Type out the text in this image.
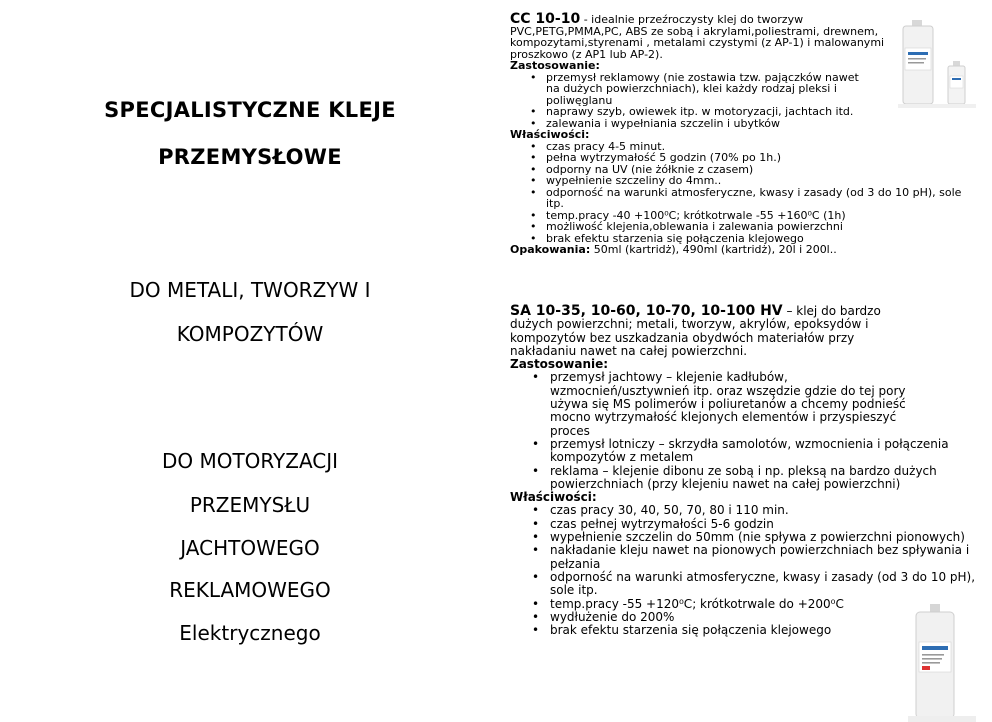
SPECJALISTYCZNE KLEJE
PRZEMYSŁOWE
DO METALI, TWORZYW I
KOMPOZYTÓW
DO MOTORYZACJI
PRZEMYSŁU
JACHTOWEGO
REKLAMOWEGO
Elektrycznego
CC 10-10 - idealnie przeźroczysty klej do tworzyw PVC,PETG,PMMA,PC, ABS ze sobą i akrylami,poliestrami, drewnem, kompozytami,styrenami , metalami czystymi (z AP-1) i malowanymi proszkowo (z AP1 lub AP-2).
Zastosowanie:
• przemysł reklamowy (nie zostawia tzw. pajączków nawet na dużych powierzchniach), klei każdy rodzaj pleksi i poliwęglanu
• naprawy szyb, owiewek itp. w motoryzacji, jachtach itd.
• zalewania i wypełniania szczelin i ubytków
Właściwości:
• czas pracy 4-5 minut.
• pełna wytrzymałość 5 godzin (70% po 1h.)
• odporny na UV (nie żółknie z czasem)
• wypełnienie szczeliny do 4mm..
• odporność na warunki atmosferyczne, kwasy i zasady (od 3 do 10 pH), sole itp.
• temp.pracy -40 +100⁰C; krótkotrwale -55 +160⁰C (1h)
• możliwość klejenia,oblewania i zalewania powierzchni
• brak efektu starzenia się połączenia klejowego
Opakowania: 50ml (kartridż), 490ml (kartridż), 20l i 200l..
SA 10-35, 10-60, 10-70, 10-100 HV – klej do bardzo dużych powierzchni; metali, tworzyw, akrylów, epoksydów i kompozytów bez uszkadzania obydwóch materiałów przy nakładaniu nawet na całej powierzchni.
Zastosowanie:
• przemysł jachtowy – klejenie kadłubów, wzmocnień/usztywnień itp. oraz wszędzie gdzie do tej pory używa się MS polimerów i poliuretanów a chcemy podnieść mocno wytrzymałość klejonych elementów i przyspieszyć proces
• przemysł lotniczy – skrzydła samolotów, wzmocnienia i połączenia kompozytów z metalem
• reklama – klejenie dibonu ze sobą i np. pleksą na bardzo dużych powierzchniach (przy klejeniu nawet na całej powierzchni)
Właściwości:
• czas pracy 30, 40, 50, 70, 80 i 110 min.
• czas pełnej wytrzymałości 5-6 godzin
• wypełnienie szczelin do 50mm (nie spływa z powierzchni pionowych)
• nakładanie kleju nawet na pionowych powierzchniach bez spływania i pełzania
• odporność na warunki atmosferyczne, kwasy i zasady (od 3 do 10 pH), sole itp.
• temp.pracy -55 +120⁰C; krótkotrwale do +200⁰C
• wydłużenie do 200%
• brak efektu starzenia się połączenia klejowego
